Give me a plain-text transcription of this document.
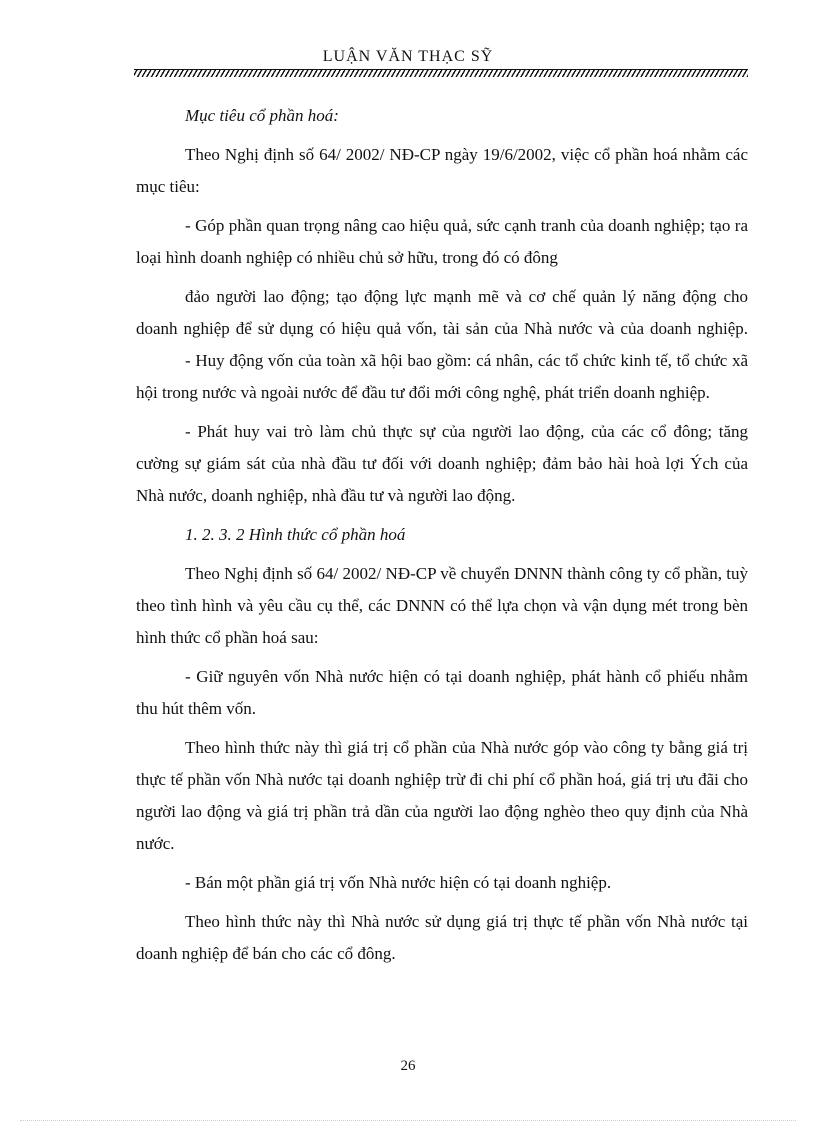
LUẬN VĂN THẠC SỸ

Mục tiêu cổ phần hoá:

Theo Nghị định số 64/ 2002/ NĐ-CP ngày 19/6/2002, việc cổ phần hoá nhằm các mục tiêu:

- Góp phần quan trọng nâng cao hiệu quả, sức cạnh tranh của doanh nghiệp; tạo ra loại hình doanh nghiệp có nhiều chủ sở hữu, trong đó có đông

đảo người lao động; tạo động lực mạnh mẽ và cơ chế quản lý năng động cho doanh nghiệp để sử dụng có hiệu quả vốn, tài sản của Nhà nước và của doanh nghiệp.

- Huy động vốn của toàn xã hội bao gồm: cá nhân, các tổ chức kinh tế, tổ chức xã hội trong nước và ngoài nước để đầu tư đổi mới công nghệ, phát triển doanh nghiệp.

- Phát huy vai trò làm chủ thực sự của người lao động, của các cổ đông; tăng cường sự giám sát của nhà đầu tư đối với doanh nghiệp; đảm bảo hài hoà lợi Ých của Nhà nước, doanh nghiệp, nhà đầu tư và người lao động.

1. 2. 3. 2 Hình thức cổ phần hoá

Theo Nghị định số 64/ 2002/ NĐ-CP về chuyển DNNN thành công ty cổ phần, tuỳ theo tình hình và yêu cầu cụ thể, các DNNN có thể lựa chọn và vận dụng mét trong bèn hình thức cổ phần hoá sau:

- Giữ nguyên vốn Nhà nước hiện có tại doanh nghiệp, phát hành cổ phiếu nhằm thu hút thêm vốn.

Theo hình thức này thì giá trị cổ phần của Nhà nước góp vào công ty bằng giá trị thực tế phần vốn Nhà nước tại doanh nghiệp trừ đi chi phí cổ phần hoá, giá trị ưu đãi cho người lao động và giá trị phần trả dần của người lao động nghèo theo quy định của Nhà nước.

- Bán một phần giá trị vốn Nhà nước hiện có tại doanh nghiệp.

Theo hình thức này thì Nhà nước sử dụng giá trị thực tế phần vốn Nhà nước tại doanh nghiệp để bán cho các cổ đông.

26
